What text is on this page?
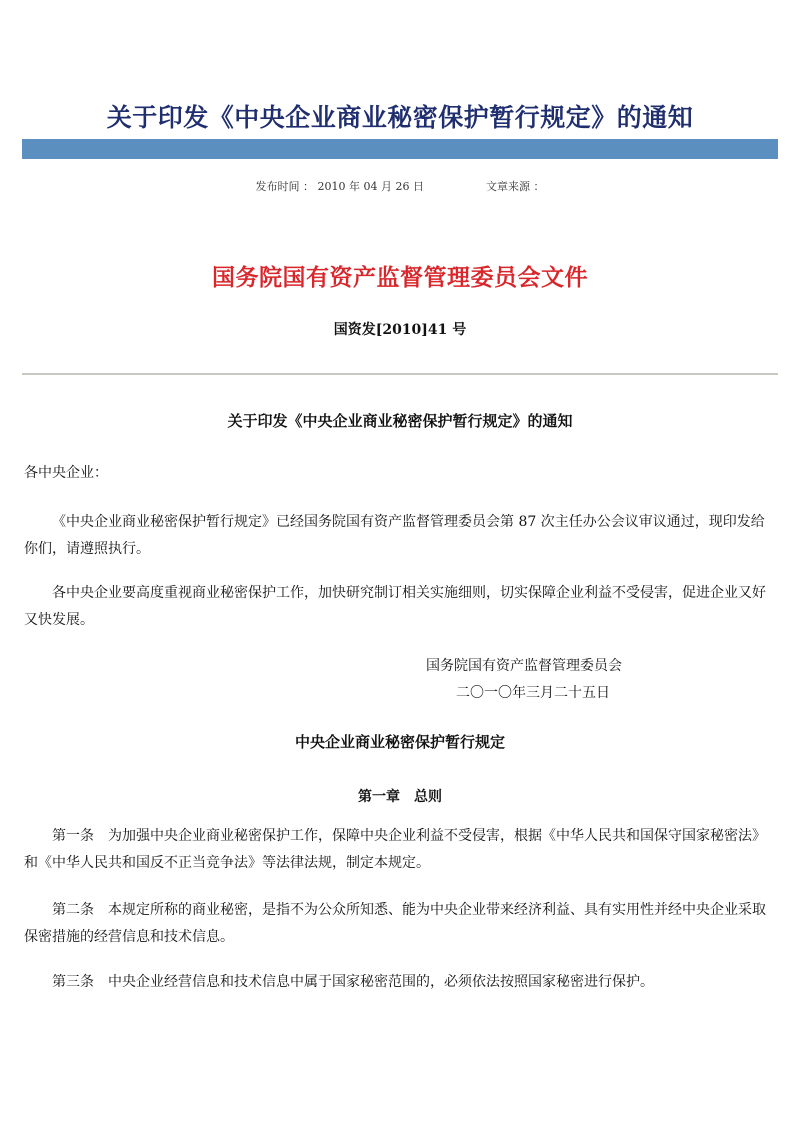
关于印发《中央企业商业秘密保护暂行规定》的通知
发布时间 ： 2010 年 04 月 26 日	文章来源 ：
国务院国有资产监督管理委员会文件
国资发[2010]41 号
关于印发《中央企业商业秘密保护暂行规定》的通知

各中央企业：

《中央企业商业秘密保护暂行规定》已经国务院国有资产监督管理委员会第 87 次主任办公会议审议通过，现印发给你们，请遵照执行。

各中央企业要高度重视商业秘密保护工作，加快研究制订相关实施细则，切实保障企业利益不受侵害，促进企业又好又快发展。

国务院国有资产监督管理委员会
二〇一〇年三月二十五日
中央企业商业秘密保护暂行规定
第一章　总则

第一条　 为加强中央企业商业秘密保护工作，保障中央企业利益不受侵害，根据《中华人民共和国保守国家秘密法》和《中华人民共和国反不正当竞争法》等法律法规，制定本规定。

第二条　 本规定所称的商业秘密，是指不为公众所知悉、能为中央企业带来经济利益、具有实用性并经中央企业采取保密措施的经营信息和技术信息。

第三条　 中央企业经营信息和技术信息中属于国家秘密范围的，必须依法按照国家秘密进行保护。
